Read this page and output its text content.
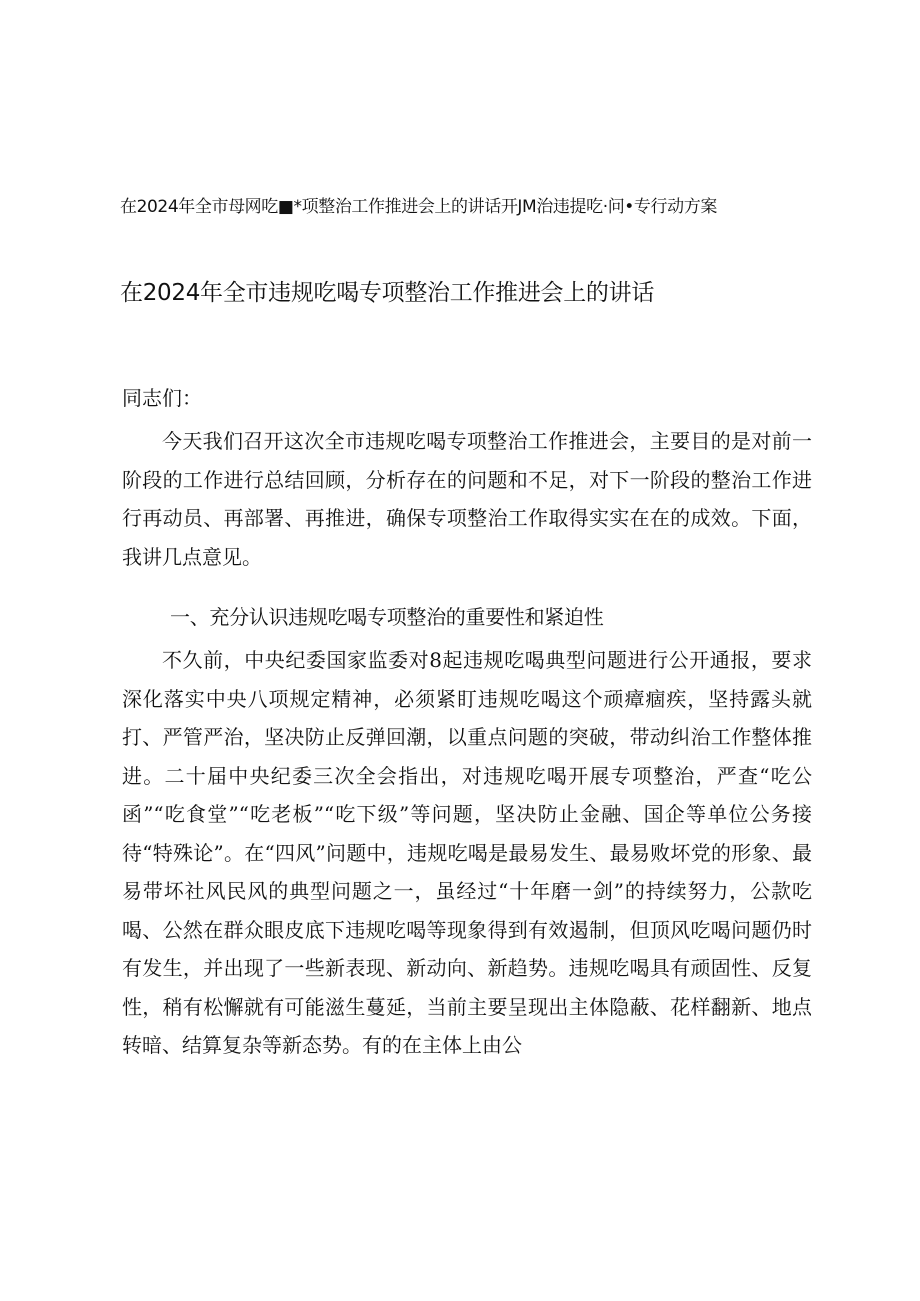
在2024年全市母网吃■*项整治工作推进会上的讲话开JM治违提吃·问•专行动方案
在2024年全市违规吃喝专项整治工作推进会上的讲话
同志们：

今天我们召开这次全市违规吃喝专项整治工作推进会，主要目的是对前一阶段的工作进行总结回顾，分析存在的问题和不足，对下一阶段的整治工作进行再动员、再部署、再推进，确保专项整治工作取得实实在在的成效。下面，我讲几点意见。

一、充分认识违规吃喝专项整治的重要性和紧迫性

不久前，中央纪委国家监委对8起违规吃喝典型问题进行公开通报，要求深化落实中央八项规定精神，必须紧盯违规吃喝这个顽瘴痼疾，坚持露头就打、严管严治，坚决防止反弹回潮，以重点问题的突破，带动纠治工作整体推进。二十届中央纪委三次全会指出，对违规吃喝开展专项整治，严查“吃公函”“吃食堂”“吃老板”“吃下级”等问题，坚决防止金融、国企等单位公务接待“特殊论”。在“四风”问题中，违规吃喝是最易发生、最易败坏党的形象、最易带坏社风民风的典型问题之一，虽经过“十年磨一剑”的持续努力，公款吃喝、公然在群众眼皮底下违规吃喝等现象得到有效遏制，但顶风吃喝问题仍时有发生，并出现了一些新表现、新动向、新趋势。违规吃喝具有顽固性、反复性，稍有松懈就有可能滋生蔓延，当前主要呈现出主体隐蔽、花样翻新、地点转暗、结算复杂等新态势。有的在主体上由公
